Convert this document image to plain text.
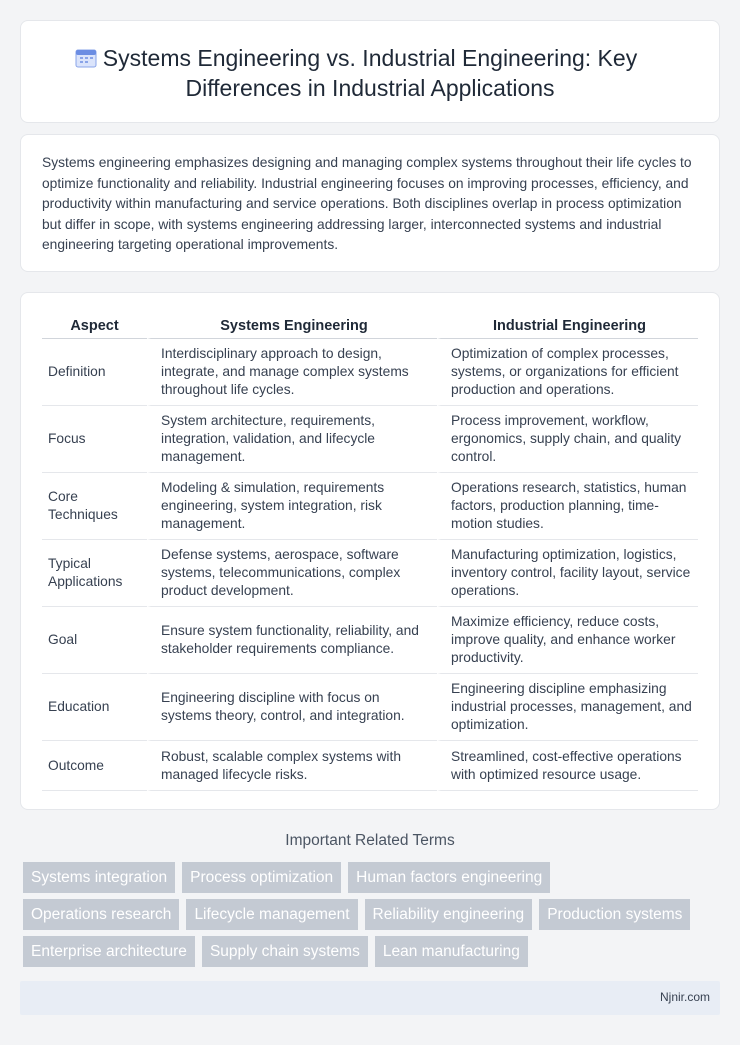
Systems Engineering vs. Industrial Engineering: Key Differences in Industrial Applications

Systems engineering emphasizes designing and managing complex systems throughout their life cycles to optimize functionality and reliability. Industrial engineering focuses on improving processes, efficiency, and productivity within manufacturing and service operations. Both disciplines overlap in process optimization but differ in scope, with systems engineering addressing larger, interconnected systems and industrial engineering targeting operational improvements.

Aspect	Systems Engineering	Industrial Engineering
Definition	Interdisciplinary approach to design, integrate, and manage complex systems throughout life cycles.	Optimization of complex processes, systems, or organizations for efficient production and operations.
Focus	System architecture, requirements, integration, validation, and lifecycle management.	Process improvement, workflow, ergonomics, supply chain, and quality control.
Core Techniques	Modeling & simulation, requirements engineering, system integration, risk management.	Operations research, statistics, human factors, production planning, time-motion studies.
Typical Applications	Defense systems, aerospace, software systems, telecommunications, complex product development.	Manufacturing optimization, logistics, inventory control, facility layout, service operations.
Goal	Ensure system functionality, reliability, and stakeholder requirements compliance.	Maximize efficiency, reduce costs, improve quality, and enhance worker productivity.
Education	Engineering discipline with focus on systems theory, control, and integration.	Engineering discipline emphasizing industrial processes, management, and optimization.
Outcome	Robust, scalable complex systems with managed lifecycle risks.	Streamlined, cost-effective operations with optimized resource usage.
Important Related Terms
Systems integration	Process optimization	Human factors engineering
Operations research	Lifecycle management	Reliability engineering	Production systems
Enterprise architecture	Supply chain systems	Lean manufacturing
Njnir.com
